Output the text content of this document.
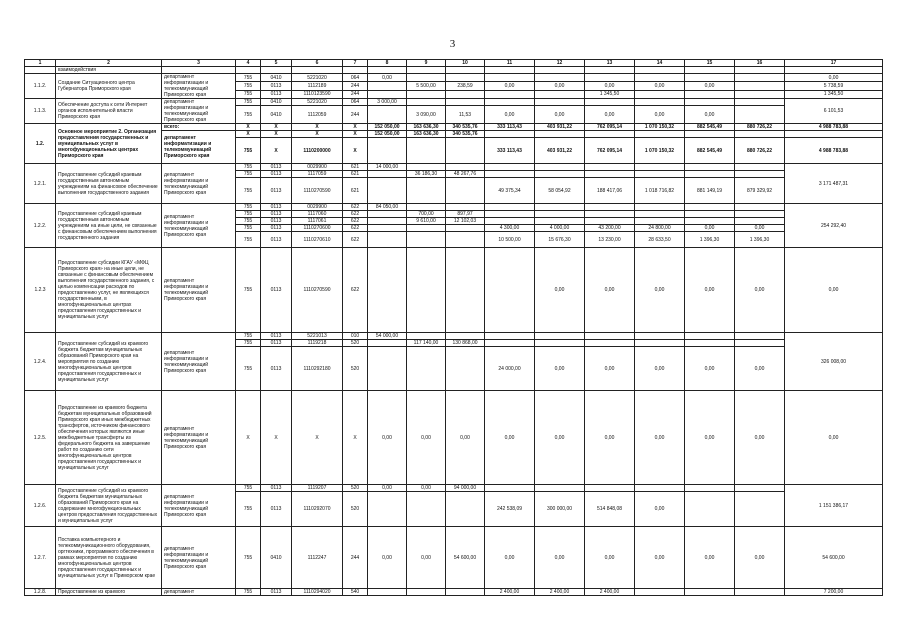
3
1	2	3	4	5	6	7	8	9	10	11	12	13	14	15	16	17
	взаимодействия															
1.1.2.	Создание Ситуационного центра Губернатора Приморского края	департамент информатизации и телекоммуникаций Приморского края	755	0410	5221020	064	0,00									0,00
			755	0113	1112189	244		5 500,00	238,59	0,00	0,00	0,00	0,00	0,00		5 738,59
			755	0113	1110123590	244						1 345,50				1 345,50
1.1.3.	Обеспечение доступа к сети Интернет органов исполнительной власти Приморского края	департамент информатизации и телекоммуникаций Приморского края	755	0410	5221020	064	3 000,00									6 101,53
			755	0410	1112059	244		3 090,00	11,53	0,00	0,00	0,00	0,00	0,00		
1.2.	Основное мероприятие 2. Организация предоставления государственных и муниципальных услуг в многофункциональных центрах Приморского края	всего:	X	X	X	X	152 050,00	163 636,30	340 535,76	333 113,43	403 931,22	762 095,14	1 070 150,32	882 545,49	880 726,22	4 988 783,88
		департамент информатизации и телекоммуникаций Приморского края	X	X	X	X	152 050,00	163 636,30	340 535,76							
			755	X	1110200000	X				333 113,43	403 931,22	762 095,14	1 070 150,32	882 545,49	880 726,22	4 988 783,88
1.2.1.	Предоставление субсидий краевым государственным автономным учреждениям на финансовое обеспечение выполнения государственного задания	департамент информатизации и телекоммуникаций Приморского края	755	0113	0029900	621	14 000,00									3 171 487,31
			755	0113	1117059	621		36 186,30	48 267,76							
			755	0113	1110270590	621				49 375,34	58 054,92	188 417,06	1 018 716,82	881 149,19	879 329,92	
1.2.2.	Предоставление субсидий краевым государственным автономным учреждениям на иные цели, не связанные с финансовым обеспечением выполнения государственного задания	департамент информатизации и телекоммуникаций Приморского края	755	0113	0029900	622	84 050,00									254 292,40
			755	0113	1117060	622		700,00	897,97							
			755	0113	1117061	622		9 610,00	12 102,03							
			755	0113	1110270600	622				4 300,00	4 000,00	43 200,00	24 800,00	0,00	0,00	
			755	0113	1110270610	622				10 500,00	15 676,30	13 230,00	28 633,50	1 396,30	1 396,30	
1.2.3	Предоставление субсидии КГАУ «МФЦ Приморского края» на иные цели, не связанные с финансовым обеспечением выполнения государственного задания, с целью компенсации расходов по предоставлению услуг, не являющихся государственными, в многофункциональных центрах предоставления государственных и муниципальных услуг	департамент информатизации и телекоммуникаций Приморского края	755	0113	1110270590	622					0,00	0,00	0,00	0,00	0,00	0,00
1.2.4.	Предоставление субсидий из краевого бюджета бюджетам муниципальных образований Приморского края на мероприятия по созданию многофункциональных центров предоставления государственных и муниципальных услуг	департамент информатизации и телекоммуникаций Приморского края	755	0113	5221013	010	54 000,00									326 008,00
			755	0113	1119218	520		117 140,00	130 868,00							
			755	0113	1110292180	520				24 000,00	0,00	0,00	0,00	0,00	0,00	
1.2.5.	Предоставление из краевого бюджета бюджетам муниципальных образований Приморского края иных межбюджетных трансфертов, источником финансового обеспечения которых являются иные межбюджетные трансферты из федерального бюджета на завершение работ по созданию сети многофункциональных центров предоставления государственных и муниципальных услуг	департамент информатизации и телекоммуникаций Приморского края	X	X	X	X	0,00	0,00	0,00	0,00	0,00	0,00	0,00	0,00	0,00	0,00
1.2.6.	Предоставление субсидий из краевого бюджета бюджетам муниципальных образований Приморского края на содержание многофункциональных центров предоставления государственных и муниципальных услуг	департамент информатизации и телекоммуникаций Приморского края	755	0113	1119207	520	0,00	0,00	94 000,00							1 151 386,17
			755	0113	1110292070	520				242 538,09	300 000,00	514 848,08	0,00			
1.2.7.	Поставка компьютерного и телекоммуникационного оборудования, оргтехники, программного обеспечения в рамках мероприятия по созданию многофункциональных центров предоставления государственных и муниципальных услуг в Приморском крае	департамент информатизации и телекоммуникаций Приморского края	755	0410	1112247	244	0,00	0,00	54 600,00	0,00	0,00	0,00	0,00	0,00	0,00	54 600,00
1.2.8.	Предоставление из краевого	департамент	755	0113	1110294020	540				2 400,00	2 400,00	2 400,00				7 200,00
